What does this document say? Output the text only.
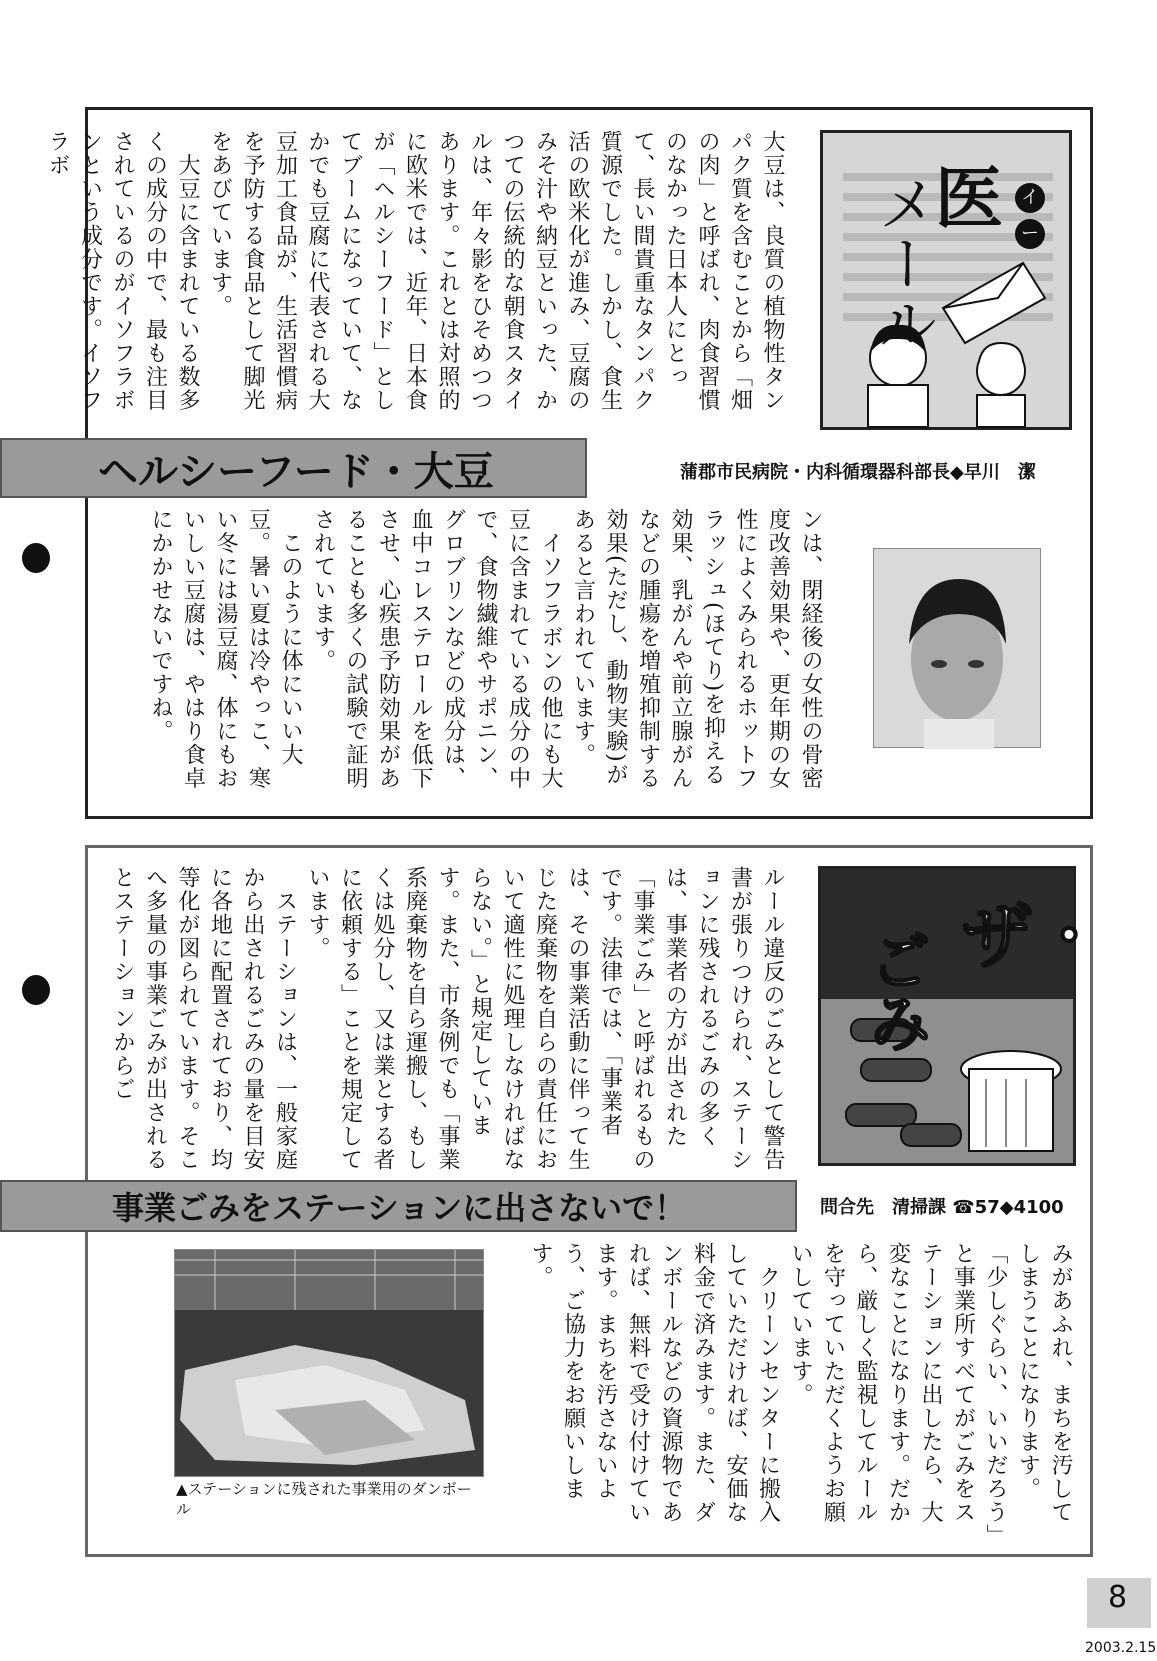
医 イ
ー
メール
大豆は、良質の植物性タンパク質を含むことから「畑の肉」と呼ばれ、肉食習慣のなかった日本人にとって、長い間貴重なタンパク質源でした。しかし、食生活の欧米化が進み、豆腐のみそ汁や納豆といった、かつての伝統的な朝食スタイルは、年々影をひそめつつあります。これとは対照的に欧米では、近年、日本食が「ヘルシーフード」としてブームになっていて、なかでも豆腐に代表される大豆加工食品が、生活習慣病を予防する食品として脚光をあびています。
　大豆に含まれている数多くの成分の中で、最も注目されているのがイソフラボンという成分です。イソフラボ
ヘルシーフード・大豆	蒲郡市民病院・内科循環器科部長◆早川　潔
ンは、閉経後の女性の骨密度改善効果や、更年期の女性によくみられるホットフラッシュ(ほてり)を抑える効果、乳がんや前立腺がんなどの腫瘍を増殖抑制する効果(ただし、動物実験)があると言われています。
　イソフラボンの他にも大豆に含まれている成分の中で、食物繊維やサポニン、グロブリンなどの成分は、血中コレステロールを低下させ、心疾患予防効果があることも多くの試験で証明されています。
　このように体にいい大豆。暑い夏は冷やっこ、寒い冬には湯豆腐、体にもおいしい豆腐は、やはり食卓にかかせないですね。
ザ・
ごみ
ルール違反のごみとして警告書が張りつけられ、ステーションに残されるごみの多くは、事業者の方が出された「事業ごみ」と呼ばれるものです。法律では、「事業者は、その事業活動に伴って生じた廃棄物を自らの責任において適性に処理しなければならない。」と規定していま す。また、市条例でも「事業系廃棄物を自ら運搬し、もしくは処分し、又は業とする者に依頼する」ことを規定しています。
　ステーションは、一般家庭から出されるごみの量を目安に各地に配置されており、均等化が図られています。そこへ多量の事業ごみが出されるとステーションからご
事業ごみをステーションに出さないで！	問合先　清掃課 ☎57◆4100
▲ステーションに残された事業用のダンボール	みがあふれ、まちを汚してしまうことになります。
「少しぐらい、いいだろう」と事業所すべてがごみをステーションに出したら、大変なことになります。だから、厳しく監視してルールを守っていただくようお願いしています。
　クリーンセンターに搬入していただければ、安価な料金で済みます。また、ダンボールなどの資源物であれば、無料で受け付けています。まちを汚さないよう、ご協力をお願いします。
8
2003.2.15
